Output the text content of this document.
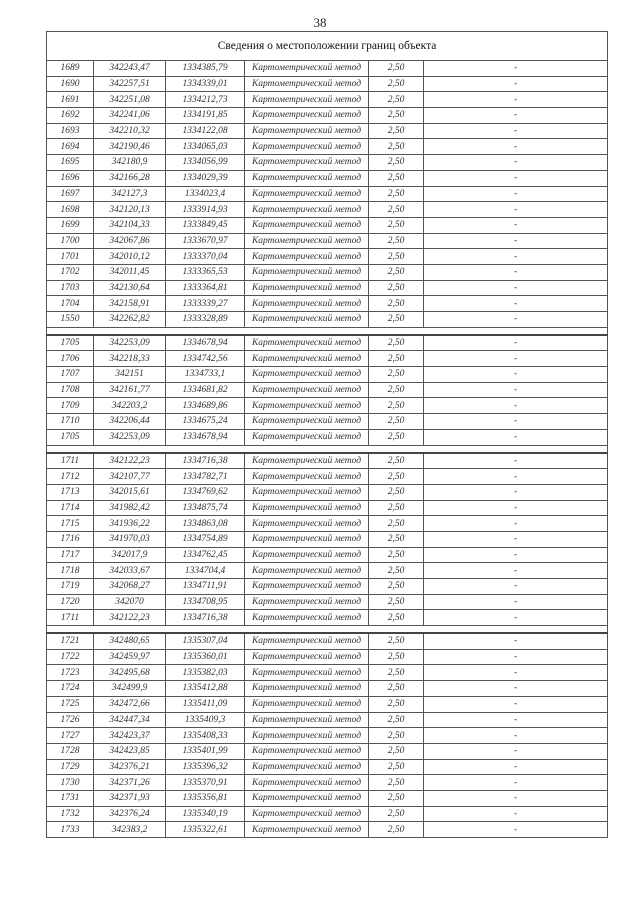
38
Сведения о местоположении границ объекта						
1689	342243,47	1334385,79	Картометрический метод	2,50	-	
1690	342257,51	1334339,01	Картометрический метод	2,50	-	
1691	342251,08	1334212,73	Картометрический метод	2,50	-	
1692	342241,06	1334191,85	Картометрический метод	2,50	-	
1693	342210,32	1334122,08	Картометрический метод	2,50	-	
1694	342190,46	1334065,03	Картометрический метод	2,50	-	
1695	342180,9	1334056,99	Картометрический метод	2,50	-	
1696	342166,28	1334029,39	Картометрический метод	2,50	-	
1697	342127,3	1334023,4	Картометрический метод	2,50	-	
1698	342120,13	1333914,93	Картометрический метод	2,50	-	
1699	342104,33	1333849,45	Картометрический метод	2,50	-	
1700	342067,86	1333670,97	Картометрический метод	2,50	-	
1701	342010,12	1333370,04	Картометрический метод	2,50	-	
1702	342011,45	1333365,53	Картометрический метод	2,50	-	
1703	342130,64	1333364,81	Картометрический метод	2,50	-	
1704	342158,91	1333339,27	Картометрический метод	2,50	-	
1550	342262,82	1333328,89	Картометрический метод	2,50	-	

1705	342253,09	1334678,94	Картометрический метод	2,50	-	
1706	342218,33	1334742,56	Картометрический метод	2,50	-	
1707	342151	1334733,1	Картометрический метод	2,50	-	
1708	342161,77	1334681,82	Картометрический метод	2,50	-	
1709	342203,2	1334689,86	Картометрический метод	2,50	-	
1710	342206,44	1334675,24	Картометрический метод	2,50	-	
1705	342253,09	1334678,94	Картометрический метод	2,50	-	

1711	342122,23	1334716,38	Картометрический метод	2,50	-	
1712	342107,77	1334782,71	Картометрический метод	2,50	-	
1713	342015,61	1334769,62	Картометрический метод	2,50	-	
1714	341982,42	1334875,74	Картометрический метод	2,50	-	
1715	341936,22	1334863,08	Картометрический метод	2,50	-	
1716	341970,03	1334754,89	Картометрический метод	2,50	-	
1717	342017,9	1334762,45	Картометрический метод	2,50	-	
1718	342033,67	1334704,4	Картометрический метод	2,50	-	
1719	342068,27	1334711,91	Картометрический метод	2,50	-	
1720	342070	1334708,95	Картометрический метод	2,50	-	
1711	342122,23	1334716,38	Картометрический метод	2,50	-	

1721	342480,65	1335307,04	Картометрический метод	2,50	-	
1722	342459,97	1335360,01	Картометрический метод	2,50	-	
1723	342495,68	1335382,03	Картометрический метод	2,50	-	
1724	342499,9	1335412,88	Картометрический метод	2,50	-	
1725	342472,66	1335411,09	Картометрический метод	2,50	-	
1726	342447,34	1335409,3	Картометрический метод	2,50	-	
1727	342423,37	1335408,33	Картометрический метод	2,50	-	
1728	342423,85	1335401,99	Картометрический метод	2,50	-	
1729	342376,21	1335396,32	Картометрический метод	2,50	-	
1730	342371,26	1335370,91	Картометрический метод	2,50	-	
1731	342371,93	1335356,81	Картометрический метод	2,50	-	
1732	342376,24	1335340,19	Картометрический метод	2,50	-	
1733	342383,2	1335322,61	Картометрический метод	2,50	-	
